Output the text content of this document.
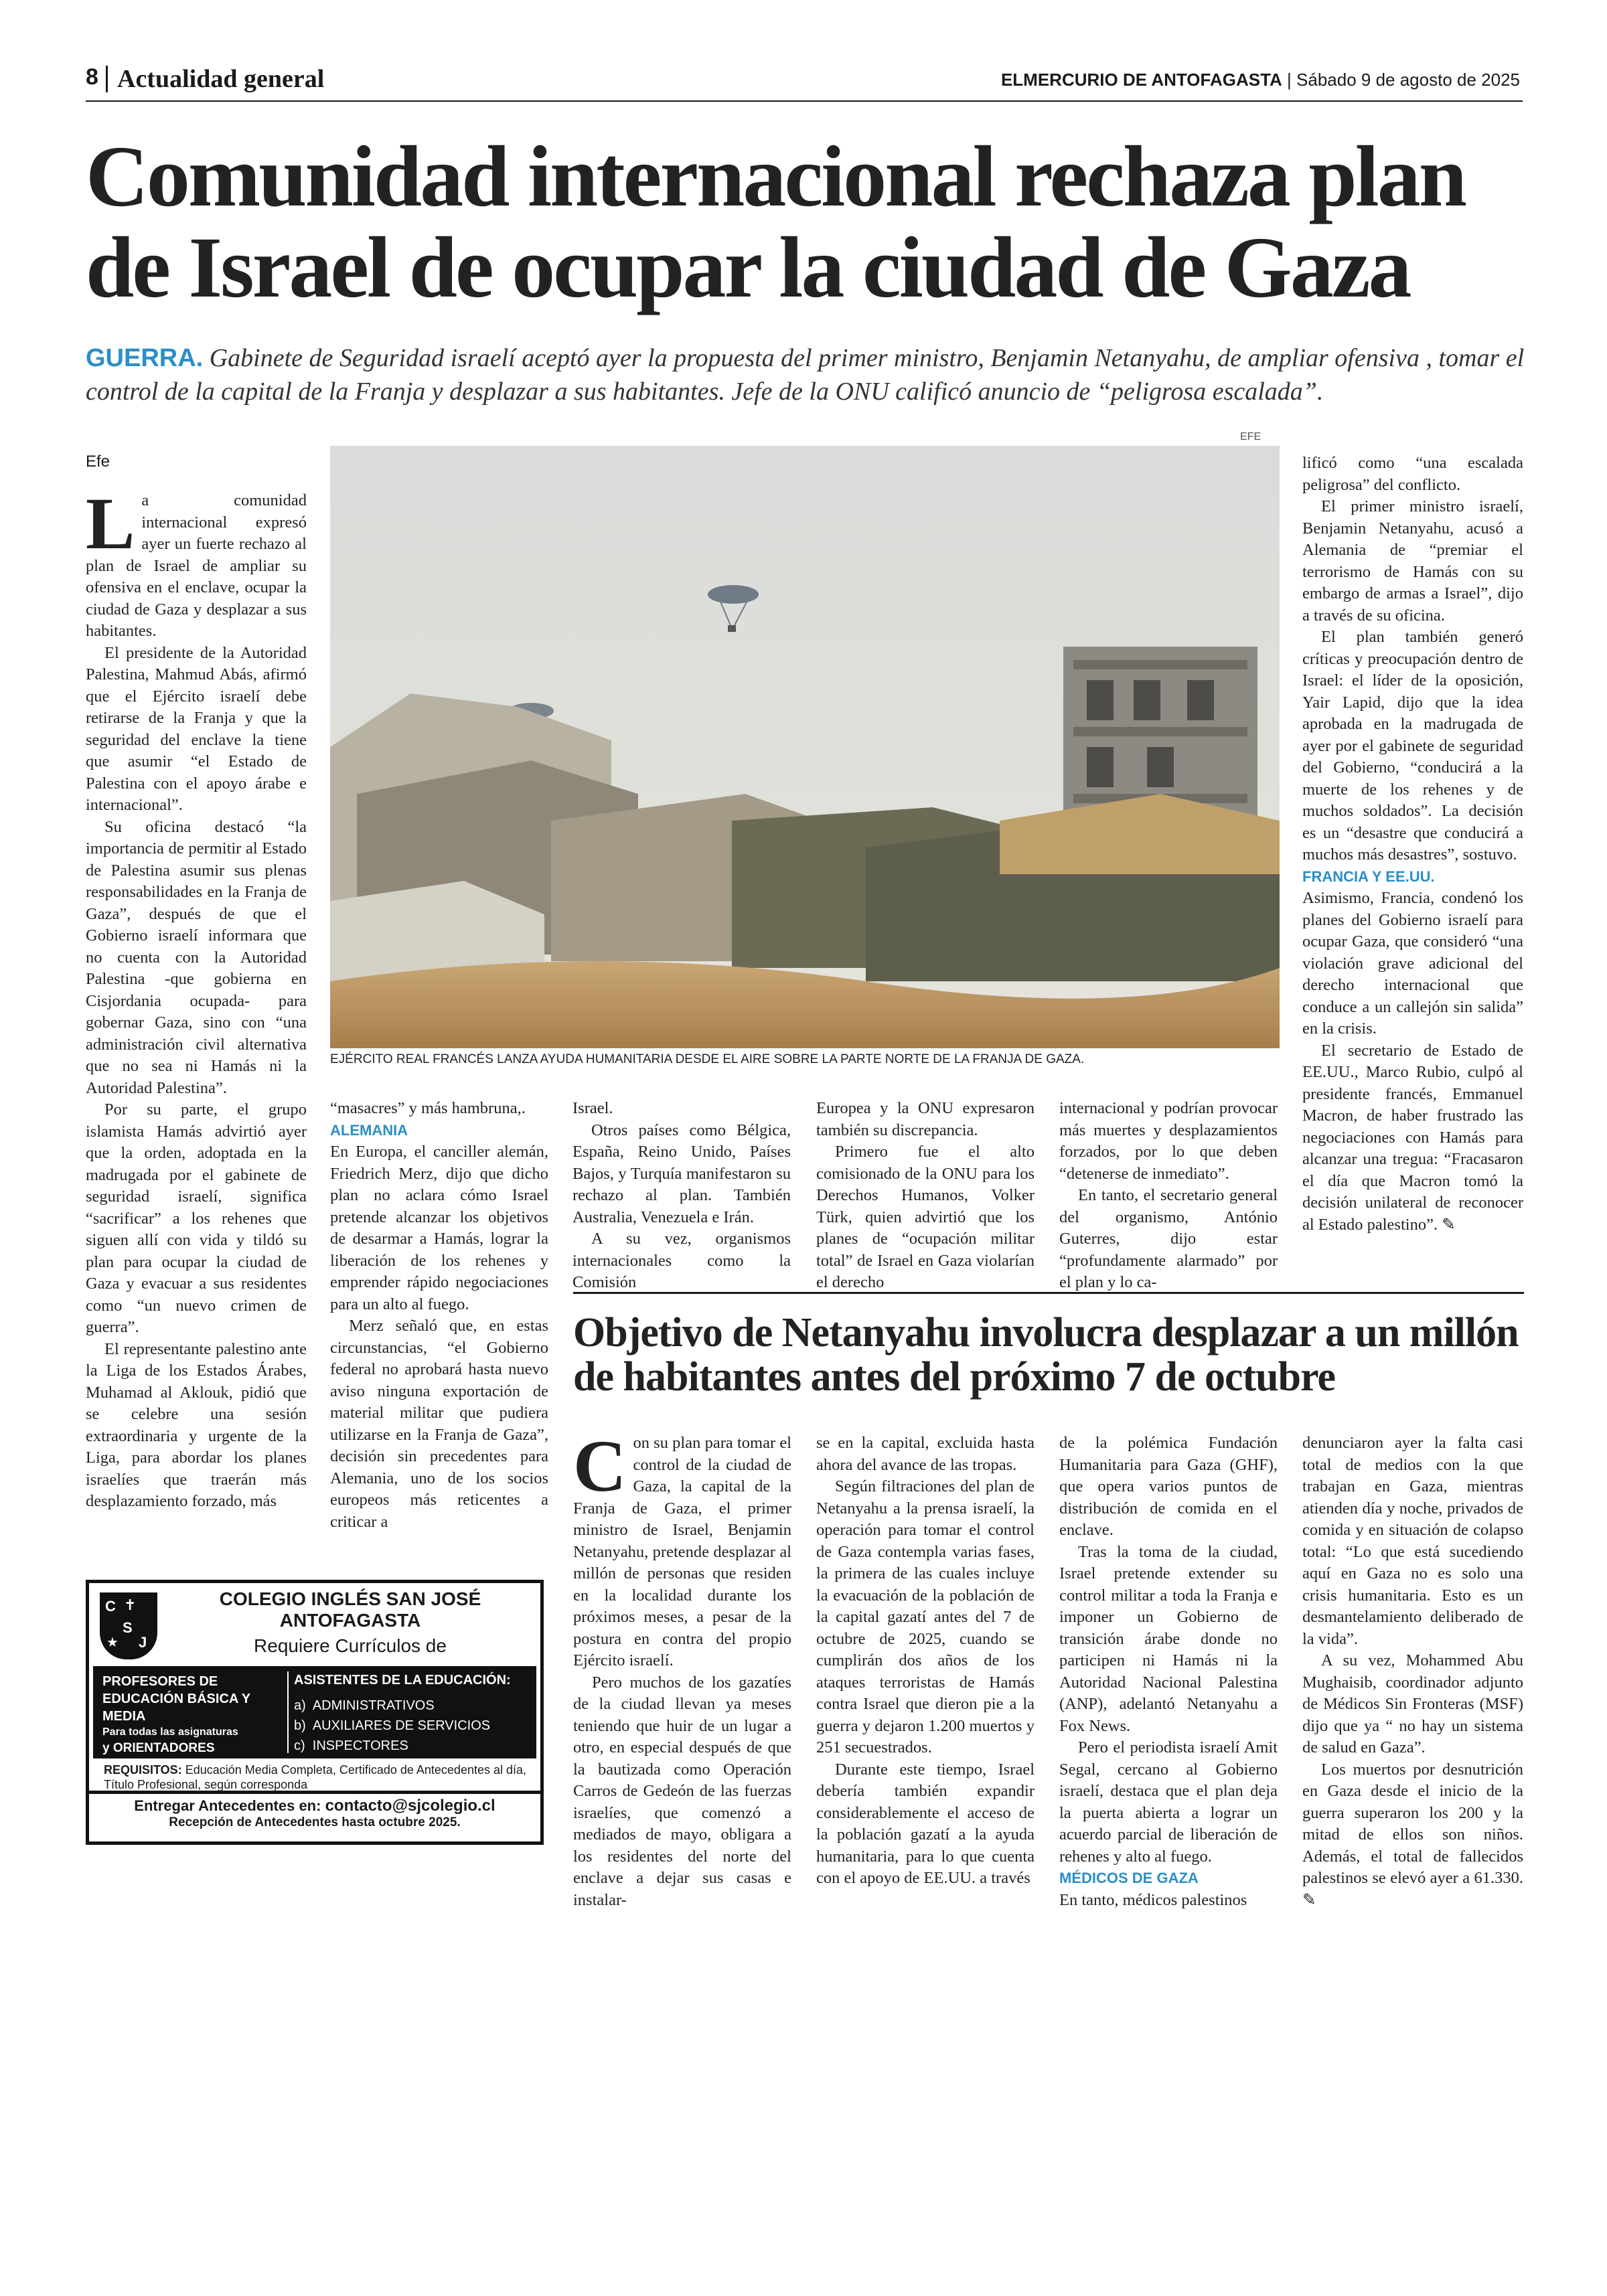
8 Actualidad general	ELMERCURIO DE ANTOFAGASTA | Sábado 9 de agosto de 2025
Comunidad internacional rechaza plan de Israel de ocupar la ciudad de Gaza
GUERRA. Gabinete de Seguridad israelí aceptó ayer la propuesta del primer ministro, Benjamin Netanyahu, de ampliar ofensiva , tomar el control de la capital de la Franja y desplazar a sus habitantes. Jefe de la ONU calificó anuncio de “peligrosa escalada”.
Efe
EFE
EJÉRCITO REAL FRANCÉS LANZA AYUDA HUMANITARIA DESDE EL AIRE SOBRE LA PARTE NORTE DE LA FRANJA DE GAZA.

La comunidad internacional expresó ayer un fuerte rechazo al plan de Israel de ampliar su ofensiva en el enclave, ocupar la ciudad de Gaza y desplazar a sus habitantes.

El presidente de la Autoridad Palestina, Mahmud Abás, afirmó que el Ejército israelí debe retirarse de la Franja y que la seguridad del enclave la tiene que asumir “el Estado de Palestina con el apoyo árabe e internacional”.

Su oficina destacó “la importancia de permitir al Estado de Palestina asumir sus plenas responsabilidades en la Franja de Gaza”, después de que el Gobierno israelí informara que no cuenta con la Autoridad Palestina -que gobierna en Cisjordania ocupada- para gobernar Gaza, sino con “una administración civil alternativa que no sea ni Hamás ni la Autoridad Palestina”.

Por su parte, el grupo islamista Hamás advirtió ayer que la orden, adoptada en la madrugada por el gabinete de seguridad israelí, significa “sacrificar” a los rehenes que siguen allí con vida y tildó su plan para ocupar la ciudad de Gaza y evacuar a sus residentes como “un nuevo crimen de guerra”.

El representante palestino ante la Liga de los Estados Árabes, Muhamad al Aklouk, pidió que se celebre una sesión extraordinaria y urgente de la Liga, para abordar los planes israelíes que traerán más desplazamiento forzado, más

“masacres” y más hambruna,.

ALEMANIA

En Europa, el canciller alemán, Friedrich Merz, dijo que dicho plan no aclara cómo Israel pretende alcanzar los objetivos de desarmar a Hamás, lograr la liberación de los rehenes y emprender rápido negociaciones para un alto al fuego.

Merz señaló que, en estas circunstancias, “el Gobierno federal no aprobará hasta nuevo aviso ninguna exportación de material militar que pudiera utilizarse en la Franja de Gaza”, decisión sin precedentes para Alemania, uno de los socios europeos más reticentes a criticar a

Israel.

Otros países como Bélgica, España, Reino Unido, Países Bajos, y Turquía manifestaron su rechazo al plan. También Australia, Venezuela e Irán.

A su vez, organismos internacionales como la Comisión

Europea y la ONU expresaron también su discrepancia.

Primero fue el alto comisionado de la ONU para los Derechos Humanos, Volker Türk, quien advirtió que los planes de “ocupación militar total” de Israel en Gaza violarían el derecho

internacional y podrían provocar más muertes y desplazamientos forzados, por lo que deben “detenerse de inmediato”.

En tanto, el secretario general del organismo, António Guterres, dijo estar “profundamente alarmado” por el plan y lo ca-

lificó como “una escalada peligrosa” del conflicto.

El primer ministro israelí, Benjamin Netanyahu, acusó a Alemania de “premiar el terrorismo de Hamás con su embargo de armas a Israel”, dijo a través de su oficina.

El plan también generó críticas y preocupación dentro de Israel: el líder de la oposición, Yair Lapid, dijo que la idea aprobada en la madrugada de ayer por el gabinete de seguridad del Gobierno, “conducirá a la muerte de los rehenes y de muchos soldados”. La decisión es un “desastre que conducirá a muchos más desastres”, sostuvo.

FRANCIA Y EE.UU.

Asimismo, Francia, condenó los planes del Gobierno israelí para ocupar Gaza, que consideró “una violación grave adicional del derecho internacional que conduce a un callejón sin salida” en la crisis.

El secretario de Estado de EE.UU., Marco Rubio, culpó al presidente francés, Emmanuel Macron, de haber frustrado las negociaciones con Hamás para alcanzar una tregua: “Fracasaron el día que Macron tomó la decisión unilateral de reconocer al Estado palestino”. ✎

Objetivo de Netanyahu involucra desplazar a un millón de habitantes antes del próximo 7 de octubre

Con su plan para tomar el control de la ciudad de Gaza, la capital de la Franja de Gaza, el primer ministro de Israel, Benjamin Netanyahu, pretende desplazar al millón de personas que residen en la localidad durante los próximos meses, a pesar de la postura en contra del propio Ejército israelí.

Pero muchos de los gazatíes de la ciudad llevan ya meses teniendo que huir de un lugar a otro, en especial después de que la bautizada como Operación Carros de Gedeón de las fuerzas israelíes, que comenzó a mediados de mayo, obligara a los residentes del norte del enclave a dejar sus casas e instalar-

se en la capital, excluida hasta ahora del avance de las tropas.

Según filtraciones del plan de Netanyahu a la prensa israelí, la operación para tomar el control de Gaza contempla varias fases, la primera de las cuales incluye la evacuación de la población de la capital gazatí antes del 7 de octubre de 2025, cuando se cumplirán dos años de los ataques terroristas de Hamás contra Israel que dieron pie a la guerra y dejaron 1.200 muertos y 251 secuestrados.

Durante este tiempo, Israel debería también expandir considerablemente el acceso de la población gazatí a la ayuda humanitaria, para lo que cuenta con el apoyo de EE.UU. a través

de la polémica Fundación Humanitaria para Gaza (GHF), que opera varios puntos de distribución de comida en el enclave.

Tras la toma de la ciudad, Israel pretende extender su control militar a toda la Franja e imponer un Gobierno de transición árabe donde no participen ni Hamás ni la Autoridad Nacional Palestina (ANP), adelantó Netanyahu a Fox News.

Pero el periodista israelí Amit Segal, cercano al Gobierno israelí, destaca que el plan deja la puerta abierta a lograr un acuerdo parcial de liberación de rehenes y alto al fuego.

MÉDICOS DE GAZA

En tanto, médicos palestinos

denunciaron ayer la falta casi total de medios con la que trabajan en Gaza, mientras atienden día y noche, privados de comida y en situación de colapso total: “Lo que está sucediendo aquí en Gaza no es solo una crisis humanitaria. Esto es un desmantelamiento deliberado de la vida”.

A su vez, Mohammed Abu Mughaisib, coordinador adjunto de Médicos Sin Fronteras (MSF) dijo que ya “ no hay un sistema de salud en Gaza”.

Los muertos por desnutrición en Gaza desde el inicio de la guerra superaron los 200 y la mitad de ellos son niños. Además, el total de fallecidos palestinos se elevó ayer a 61.330. ✎

C ✝
S
J
★
COLEGIO INGLÉS SAN JOSÉ
ANTOFAGASTA
Requiere Currículos de
PROFESORES DE EDUCACIÓN BÁSICA Y MEDIA
Para todas las asignaturas
y ORIENTADORES
ASISTENTES DE LA EDUCACIÓN:
a) ADMINISTRATIVOS
b) AUXILIARES DE SERVICIOS
c) INSPECTORES
REQUISITOS: Educación Media Completa, Certificado de Antecedentes al día, Título Profesional, según corresponda
Entregar Antecedentes en: contacto@sjcolegio.cl
Recepción de Antecedentes hasta octubre 2025.
